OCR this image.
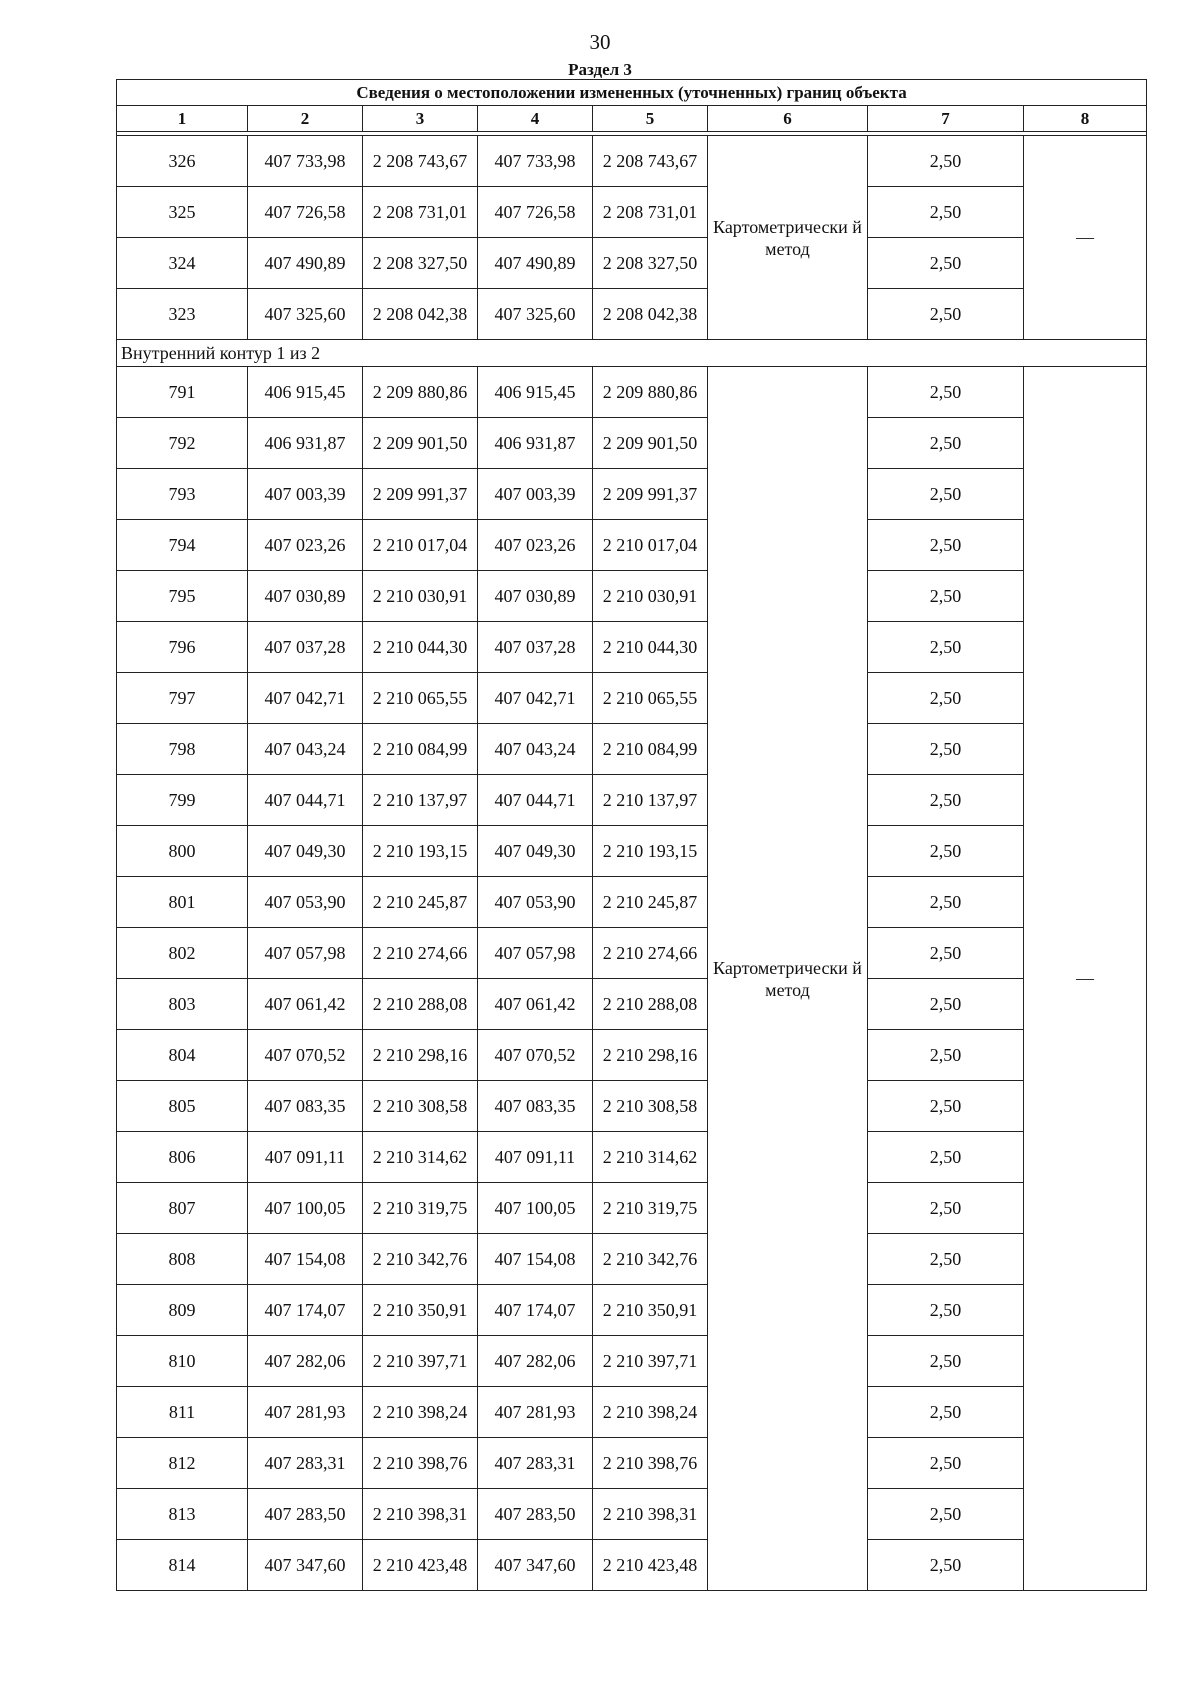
30
Раздел 3
Сведения о местоположении измененных (уточненных) границ объекта							
1	2	3	4	5	6	7	8

326	407 733,98	2 208 743,67	407 733,98	2 208 743,67	Картометрически й метод	2,50	—
325	407 726,58	2 208 731,01	407 726,58	2 208 731,01		2,50	
324	407 490,89	2 208 327,50	407 490,89	2 208 327,50		2,50	
323	407 325,60	2 208 042,38	407 325,60	2 208 042,38		2,50	
Внутренний контур 1 из 2							
791	406 915,45	2 209 880,86	406 915,45	2 209 880,86	Картометрически й метод	2,50	—
792	406 931,87	2 209 901,50	406 931,87	2 209 901,50		2,50	
793	407 003,39	2 209 991,37	407 003,39	2 209 991,37		2,50	
794	407 023,26	2 210 017,04	407 023,26	2 210 017,04		2,50	
795	407 030,89	2 210 030,91	407 030,89	2 210 030,91		2,50	
796	407 037,28	2 210 044,30	407 037,28	2 210 044,30		2,50	
797	407 042,71	2 210 065,55	407 042,71	2 210 065,55		2,50	
798	407 043,24	2 210 084,99	407 043,24	2 210 084,99		2,50	
799	407 044,71	2 210 137,97	407 044,71	2 210 137,97		2,50	
800	407 049,30	2 210 193,15	407 049,30	2 210 193,15		2,50	
801	407 053,90	2 210 245,87	407 053,90	2 210 245,87		2,50	
802	407 057,98	2 210 274,66	407 057,98	2 210 274,66		2,50	
803	407 061,42	2 210 288,08	407 061,42	2 210 288,08		2,50	
804	407 070,52	2 210 298,16	407 070,52	2 210 298,16		2,50	
805	407 083,35	2 210 308,58	407 083,35	2 210 308,58		2,50	
806	407 091,11	2 210 314,62	407 091,11	2 210 314,62		2,50	
807	407 100,05	2 210 319,75	407 100,05	2 210 319,75		2,50	
808	407 154,08	2 210 342,76	407 154,08	2 210 342,76		2,50	
809	407 174,07	2 210 350,91	407 174,07	2 210 350,91		2,50	
810	407 282,06	2 210 397,71	407 282,06	2 210 397,71		2,50	
811	407 281,93	2 210 398,24	407 281,93	2 210 398,24		2,50	
812	407 283,31	2 210 398,76	407 283,31	2 210 398,76		2,50	
813	407 283,50	2 210 398,31	407 283,50	2 210 398,31		2,50	
814	407 347,60	2 210 423,48	407 347,60	2 210 423,48		2,50	
